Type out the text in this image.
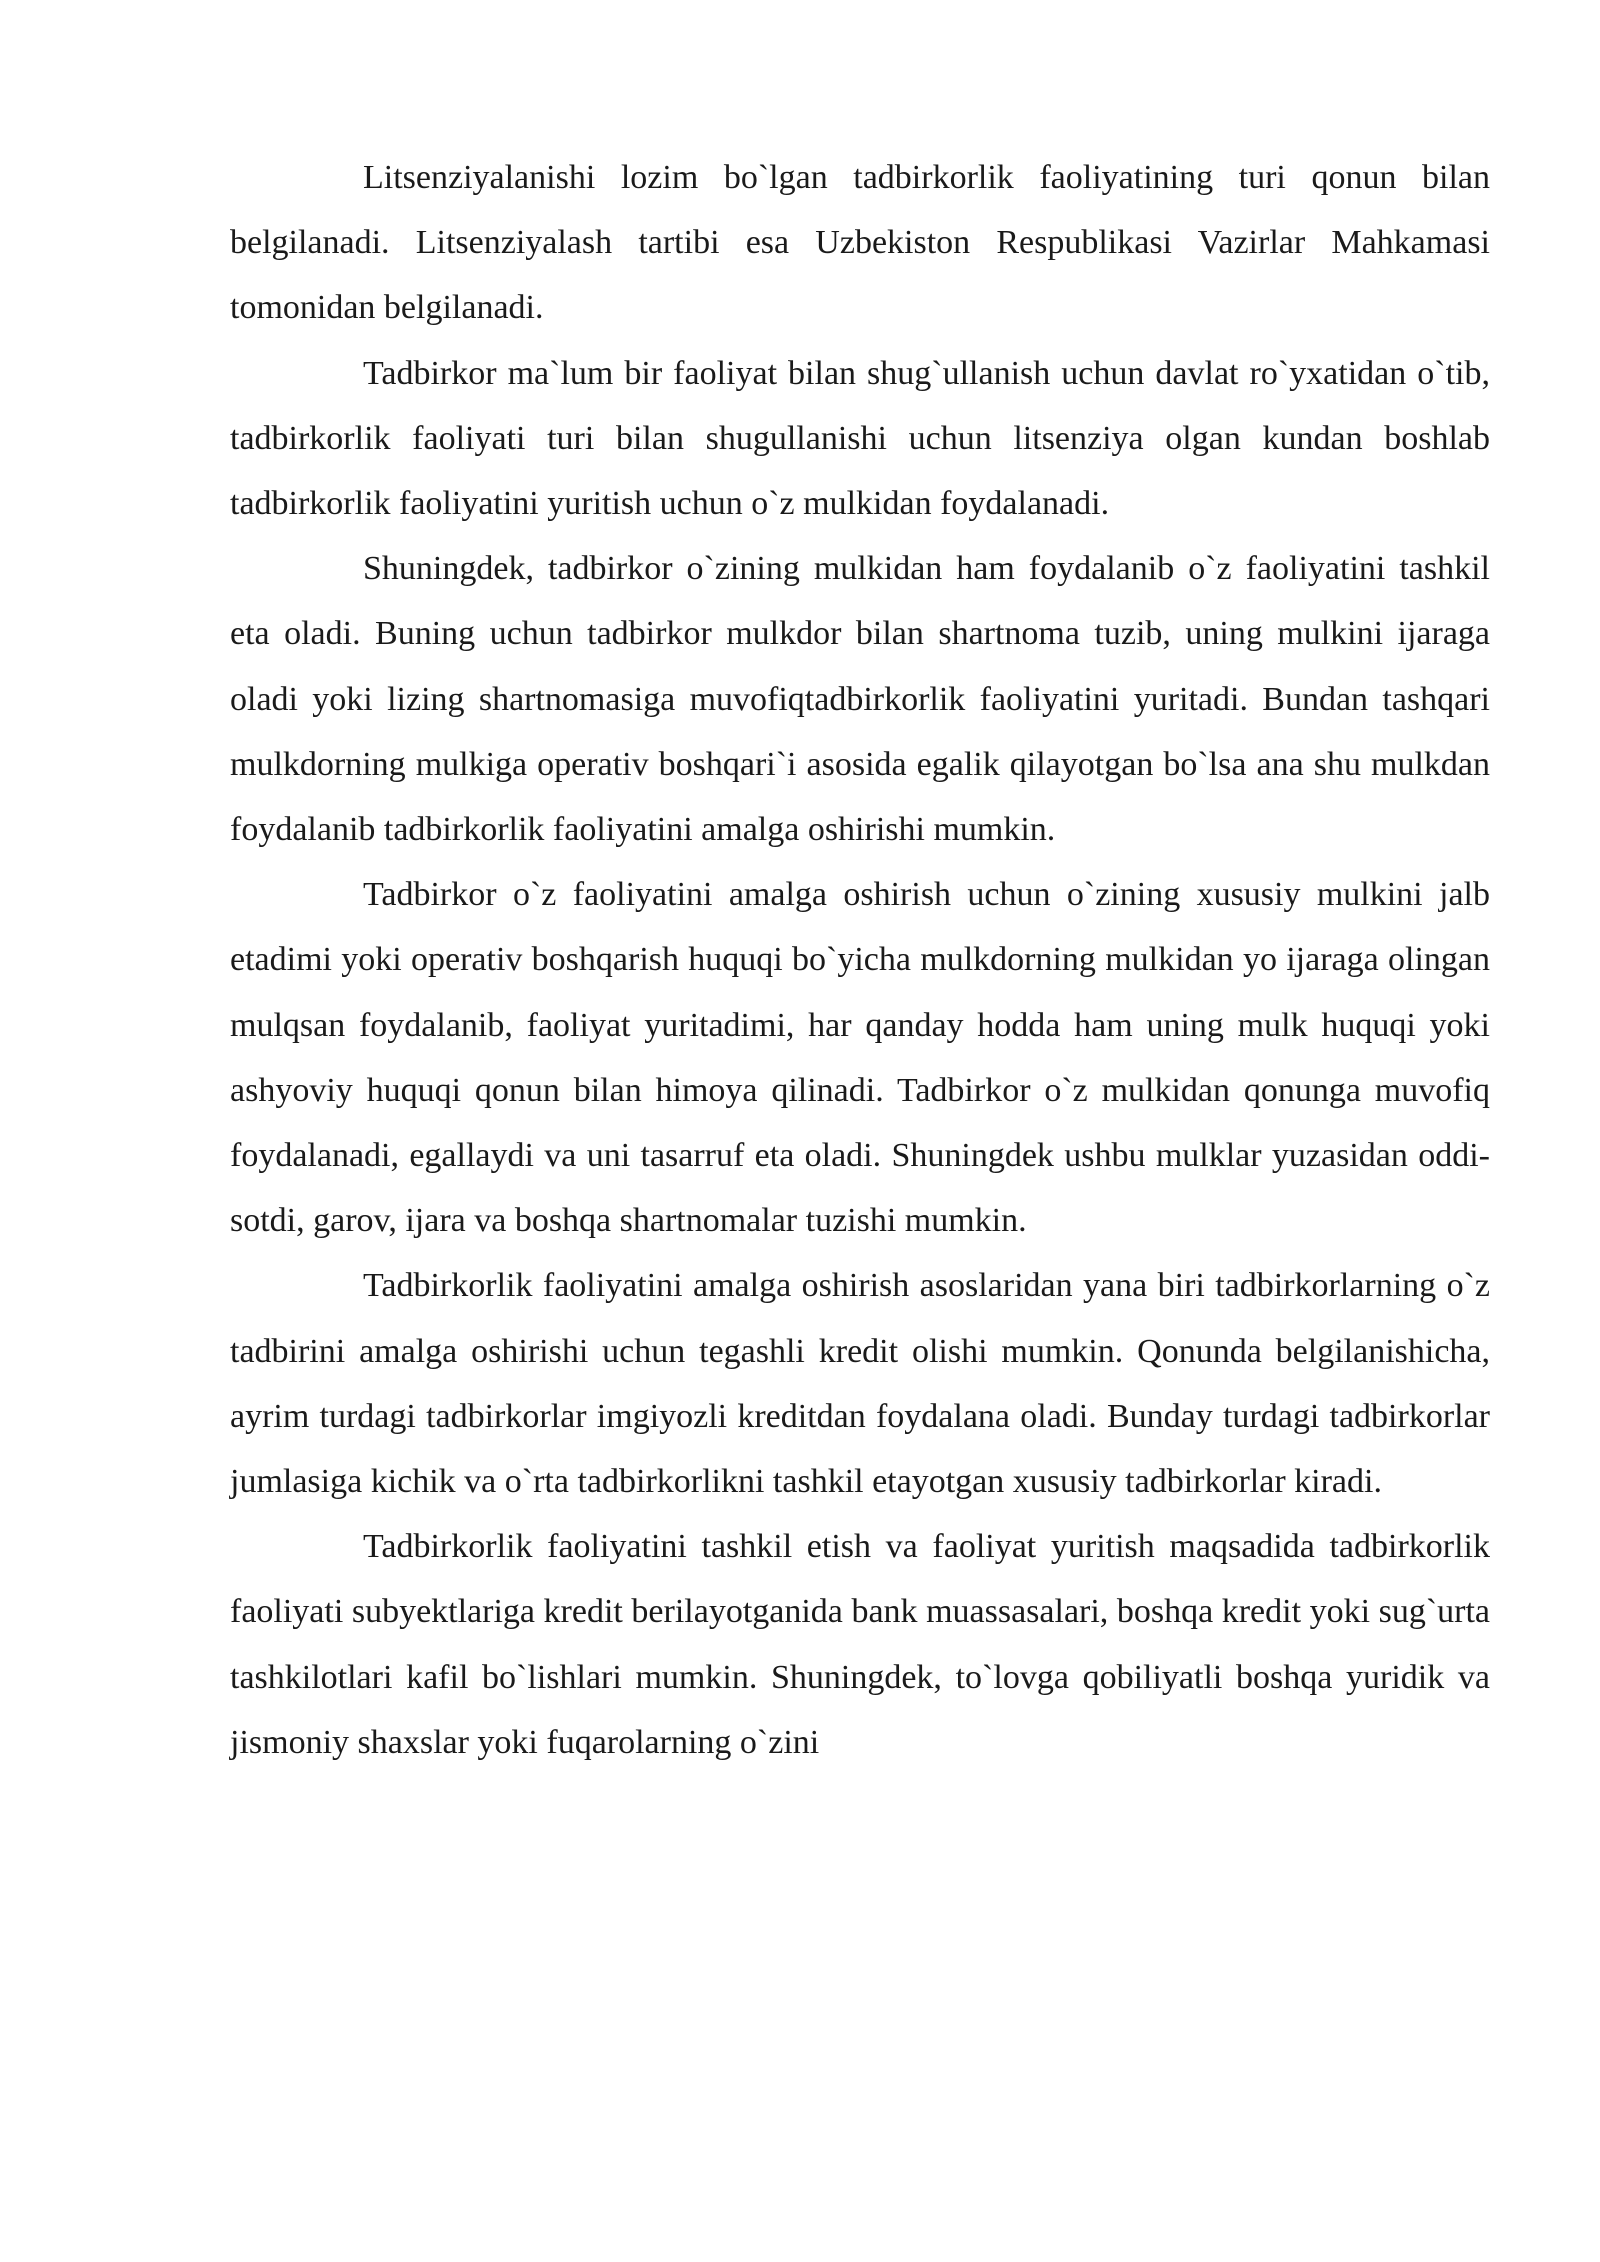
Litsenziyalanishi lozim bo`lgan tadbirkorlik faoliyatining turi qonun bilan belgilanadi. Litsenziyalash tartibi esa Uzbekiston Respublikasi Vazirlar Mahkamasi tomonidan belgilanadi.

Tadbirkor ma`lum bir faoliyat bilan shug`ullanish uchun davlat ro`yxatidan o`tib, tadbirkorlik faoliyati turi bilan shugullanishi uchun litsenziya olgan kundan boshlab tadbirkorlik faoliyatini yuritish uchun o`z mulkidan foydalanadi.

Shuningdek, tadbirkor o`zining mulkidan ham foydalanib o`z faoliyatini tashkil eta oladi. Buning uchun tadbirkor mulkdor bilan shartnoma tuzib, uning mulkini ijaraga oladi yoki lizing shartnomasiga muvofiqtadbirkorlik faoliyatini yuritadi. Bundan tashqari mulkdorning mulkiga operativ boshqari`i asosida egalik qilayotgan bo`lsa ana shu mulkdan foydalanib tadbirkorlik faoliyatini amalga oshirishi mumkin.

Tadbirkor o`z faoliyatini amalga oshirish uchun o`zining xususiy mulkini jalb etadimi yoki operativ boshqarish huquqi bo`yicha mulkdorning mulkidan yo ijaraga olingan mulqsan foydalanib, faoliyat yuritadimi, har qanday hodda ham uning mulk huquqi yoki ashyoviy huquqi qonun bilan himoya qilinadi. Tadbirkor o`z mulkidan qonunga muvofiq foydalanadi, egallaydi va uni tasarruf eta oladi. Shuningdek ushbu mulklar yuzasidan oddi-sotdi, garov, ijara va boshqa shartnomalar tuzishi mumkin.

Tadbirkorlik faoliyatini amalga oshirish asoslaridan yana biri tadbirkorlarning o`z tadbirini amalga oshirishi uchun tegashli kredit olishi mumkin. Qonunda belgilanishicha, ayrim turdagi tadbirkorlar imgiyozli kreditdan foydalana oladi. Bunday turdagi tadbirkorlar jumlasiga kichik va o`rta tadbirkorlikni tashkil etayotgan xususiy tadbirkorlar kiradi.

Tadbirkorlik faoliyatini tashkil etish va faoliyat yuritish maqsadida tadbirkorlik faoliyati subyektlariga kredit berilayotganida bank muassasalari, boshqa kredit yoki sug`urta tashkilotlari kafil bo`lishlari mumkin. Shuningdek, to`lovga qobiliyatli boshqa yuridik va jismoniy shaxslar yoki fuqarolarning o`zini
